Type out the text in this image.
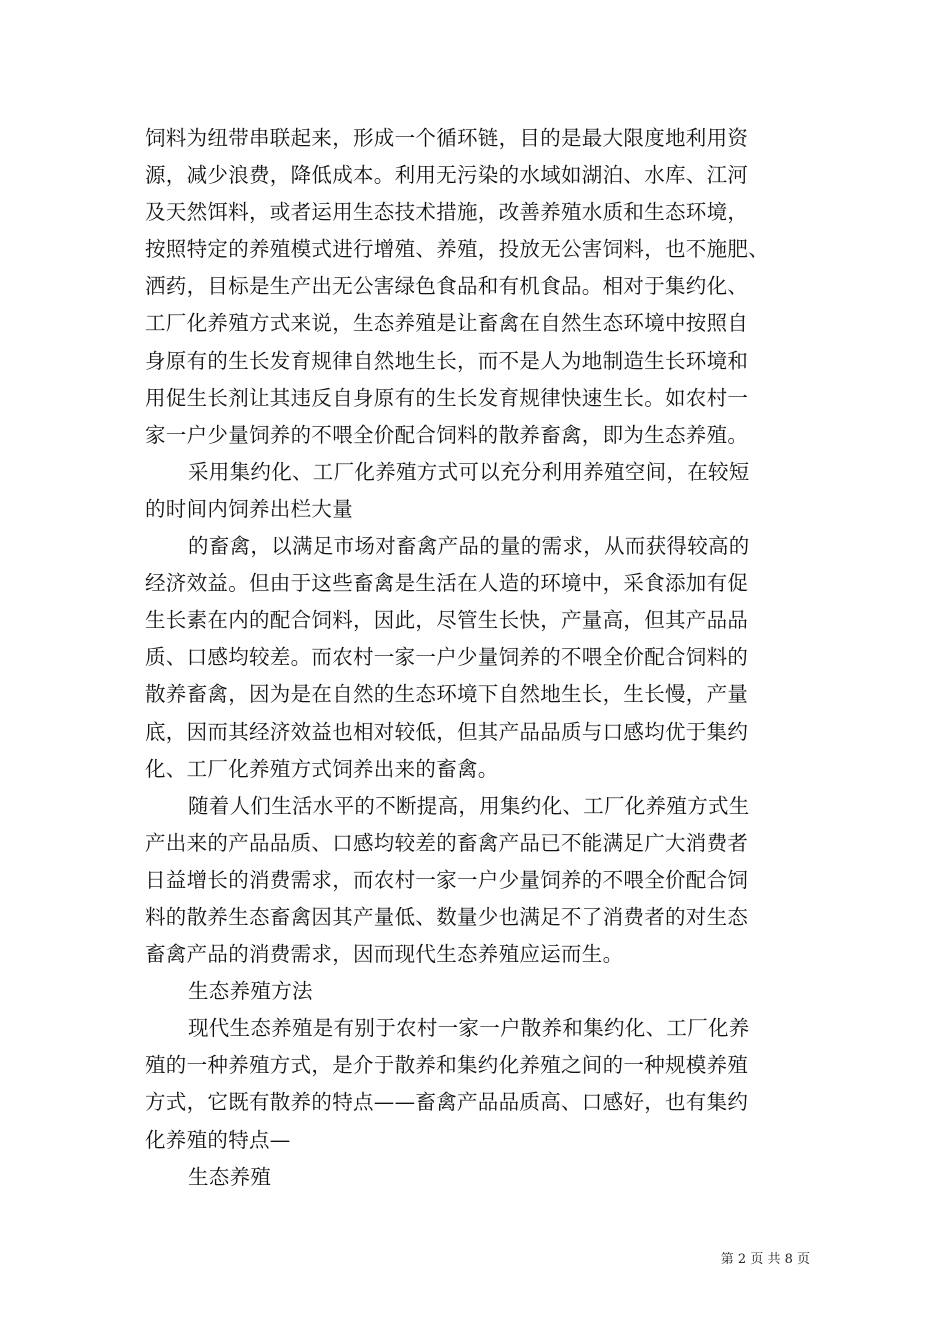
饲料为纽带串联起来，形成一个循环链，目的是最大限度地利用资
源，减少浪费，降低成本。利用无污染的水域如湖泊、水库、江河
及天然饵料，或者运用生态技术措施，改善养殖水质和生态环境，
按照特定的养殖模式进行增殖、养殖，投放无公害饲料，也不施肥、
洒药，目标是生产出无公害绿色食品和有机食品。相对于集约化、
工厂化养殖方式来说，生态养殖是让畜禽在自然生态环境中按照自
身原有的生长发育规律自然地生长，而不是人为地制造生长环境和
用促生长剂让其违反自身原有的生长发育规律快速生长。如农村一
家一户少量饲养的不喂全价配合饲料的散养畜禽，即为生态养殖。
采用集约化、工厂化养殖方式可以充分利用养殖空间，在较短
的时间内饲养出栏大量
的畜禽，以满足市场对畜禽产品的量的需求，从而获得较高的
经济效益。但由于这些畜禽是生活在人造的环境中，采食添加有促
生长素在内的配合饲料，因此，尽管生长快，产量高，但其产品品
质、口感均较差。而农村一家一户少量饲养的不喂全价配合饲料的
散养畜禽，因为是在自然的生态环境下自然地生长，生长慢，产量
底，因而其经济效益也相对较低，但其产品品质与口感均优于集约
化、工厂化养殖方式饲养出来的畜禽。
随着人们生活水平的不断提高，用集约化、工厂化养殖方式生
产出来的产品品质、口感均较差的畜禽产品已不能满足广大消费者
日益增长的消费需求，而农村一家一户少量饲养的不喂全价配合饲
料的散养生态畜禽因其产量低、数量少也满足不了消费者的对生态
畜禽产品的消费需求，因而现代生态养殖应运而生。
生态养殖方法
现代生态养殖是有别于农村一家一户散养和集约化、工厂化养
殖的一种养殖方式，是介于散养和集约化养殖之间的一种规模养殖
方式，它既有散养的特点——畜禽产品品质高、口感好，也有集约
化养殖的特点—
生态养殖
第 2 页 共 8 页
